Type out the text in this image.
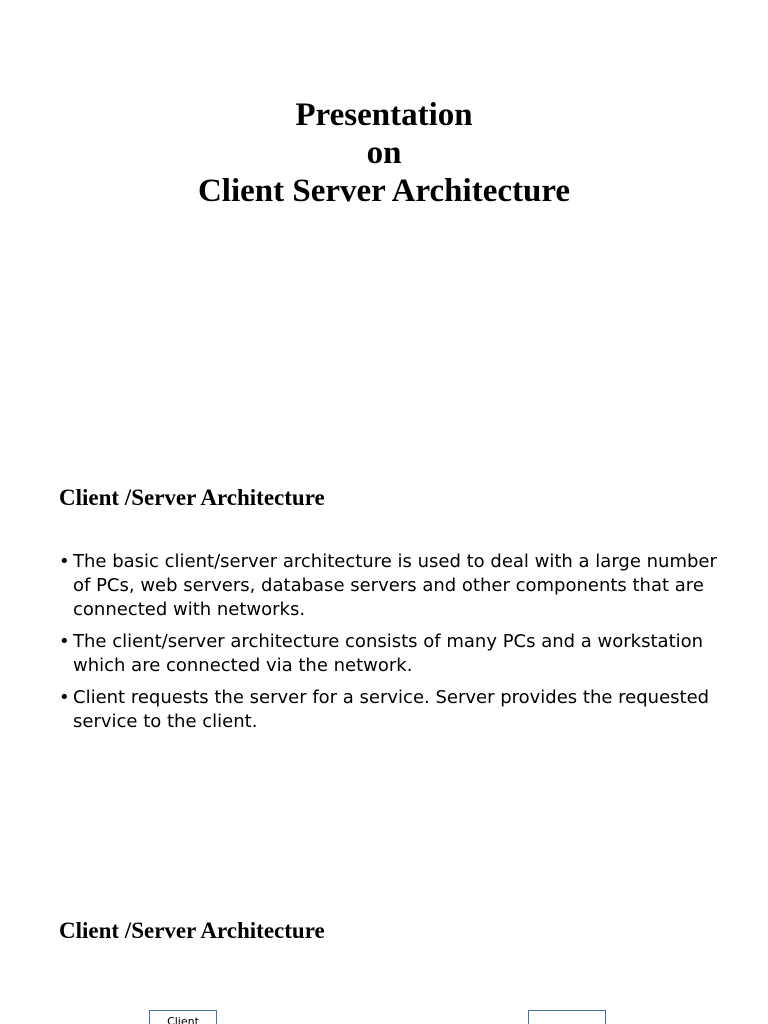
Presentation
on
Client Server Architecture
Client /Server Architecture
• The basic client/server architecture is used to deal with a large number of PCs, web servers, database servers and other components that are connected with networks.
• The client/server architecture consists of many PCs and a workstation which are connected via the network.
• Client requests the server for a service. Server provides the requested service to the client.
Client /Server Architecture
Client
